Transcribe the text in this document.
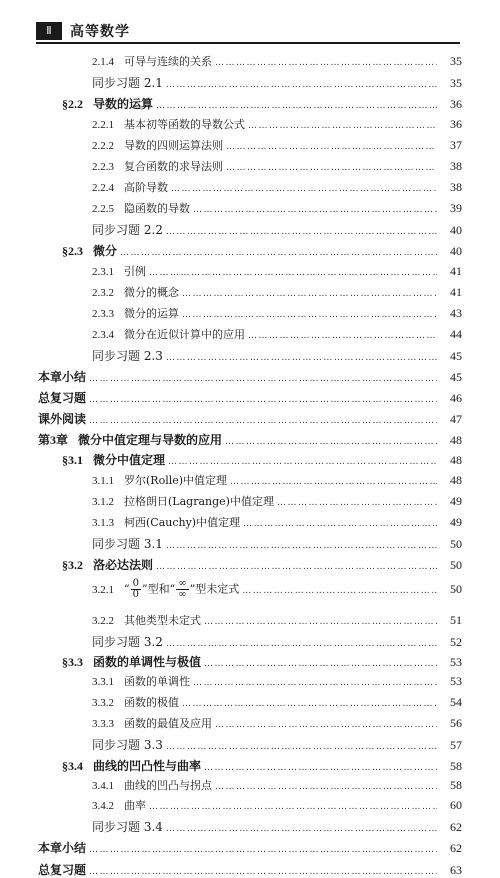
Ⅱ	高等数学
2.1.4 可导与连续的关系 …………………………………………………………………………………………………………………………………………………………………………………………………………………	35
同步习题 2.1 …………………………………………………………………………………………………………………………………………………………………………………………………………………	35
§2.2 导数的运算 …………………………………………………………………………………………………………………………………………………………………………………………………………………	36
2.2.1 基本初等函数的导数公式 …………………………………………………………………………………………………………………………………………………………………………………………………………………	36
2.2.2 导数的四则运算法则 …………………………………………………………………………………………………………………………………………………………………………………………………………………	37
2.2.3 复合函数的求导法则 …………………………………………………………………………………………………………………………………………………………………………………………………………………	38
2.2.4 高阶导数 …………………………………………………………………………………………………………………………………………………………………………………………………………………	38
2.2.5 隐函数的导数 …………………………………………………………………………………………………………………………………………………………………………………………………………………	39
同步习题 2.2 …………………………………………………………………………………………………………………………………………………………………………………………………………………	40
§2.3 微分 …………………………………………………………………………………………………………………………………………………………………………………………………………………	40
2.3.1 引例 …………………………………………………………………………………………………………………………………………………………………………………………………………………	41
2.3.2 微分的概念 …………………………………………………………………………………………………………………………………………………………………………………………………………………	41
2.3.3 微分的运算 …………………………………………………………………………………………………………………………………………………………………………………………………………………	43
2.3.4 微分在近似计算中的应用 …………………………………………………………………………………………………………………………………………………………………………………………………………………	44
同步习题 2.3 …………………………………………………………………………………………………………………………………………………………………………………………………………………	45
本章小结 …………………………………………………………………………………………………………………………………………………………………………………………………………………	45
总复习题 …………………………………………………………………………………………………………………………………………………………………………………………………………………	46
课外阅读 …………………………………………………………………………………………………………………………………………………………………………………………………………………	47
第3章 微分中值定理与导数的应用 …………………………………………………………………………………………………………………………………………………………………………………………………………………	48
§3.1 微分中值定理 …………………………………………………………………………………………………………………………………………………………………………………………………………………	48
3.1.1 罗尔(Rolle)中值定理 …………………………………………………………………………………………………………………………………………………………………………………………………………………	48
3.1.2 拉格朗日(Lagrange)中值定理 …………………………………………………………………………………………………………………………………………………………………………………………………………………	49
3.1.3 柯西(Cauchy)中值定理 …………………………………………………………………………………………………………………………………………………………………………………………………………………	49
同步习题 3.1 …………………………………………………………………………………………………………………………………………………………………………………………………………………	50
§3.2 洛必达法则 …………………………………………………………………………………………………………………………………………………………………………………………………………………	50
3.2.1 “ $\frac{0}{0}$ ”型和“ $\frac{\infty}{\infty}$ ”型未定式 …………………………………………………………………………………………………………………………………………………………………………………………………………………	50
3.2.2 其他类型未定式 …………………………………………………………………………………………………………………………………………………………………………………………………………………	51
同步习题 3.2 …………………………………………………………………………………………………………………………………………………………………………………………………………………	52
§3.3 函数的单调性与极值 …………………………………………………………………………………………………………………………………………………………………………………………………………………	53
3.3.1 函数的单调性 …………………………………………………………………………………………………………………………………………………………………………………………………………………	53
3.3.2 函数的极值 …………………………………………………………………………………………………………………………………………………………………………………………………………………	54
3.3.3 函数的最值及应用 …………………………………………………………………………………………………………………………………………………………………………………………………………………	56
同步习题 3.3 …………………………………………………………………………………………………………………………………………………………………………………………………………………	57
§3.4 曲线的凹凸性与曲率 …………………………………………………………………………………………………………………………………………………………………………………………………………………	58
3.4.1 曲线的凹凸与拐点 …………………………………………………………………………………………………………………………………………………………………………………………………………………	58
3.4.2 曲率 …………………………………………………………………………………………………………………………………………………………………………………………………………………	60
同步习题 3.4 …………………………………………………………………………………………………………………………………………………………………………………………………………………	62
本章小结 …………………………………………………………………………………………………………………………………………………………………………………………………………………	62
总复习题 …………………………………………………………………………………………………………………………………………………………………………………………………………………	63
